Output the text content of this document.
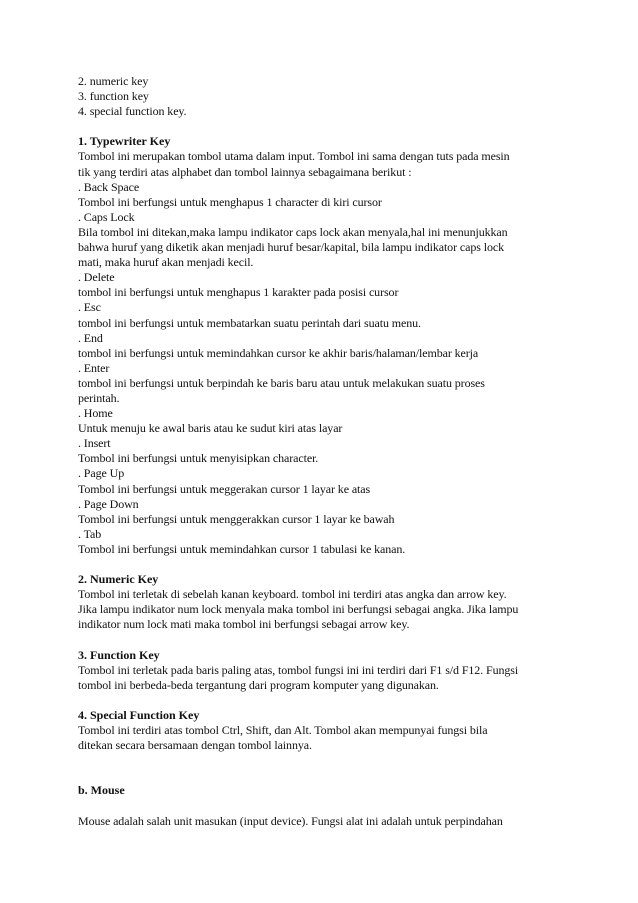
2. numeric key
3. function key
4. special function key.
1. Typewriter Key
Tombol ini merupakan tombol utama dalam input. Tombol ini sama dengan tuts pada mesin
tik yang terdiri atas alphabet dan tombol lainnya sebagaimana berikut :
. Back Space
Tombol ini berfungsi untuk menghapus 1 character di kiri cursor
. Caps Lock
Bila tombol ini ditekan,maka lampu indikator caps lock akan menyala,hal ini menunjukkan
bahwa huruf yang diketik akan menjadi huruf besar/kapital, bila lampu indikator caps lock
mati, maka huruf akan menjadi kecil.
. Delete
tombol ini berfungsi untuk menghapus 1 karakter pada posisi cursor
. Esc
tombol ini berfungsi untuk membatarkan suatu perintah dari suatu menu.
. End
tombol ini berfungsi untuk memindahkan cursor ke akhir baris/halaman/lembar kerja
. Enter
tombol ini berfungsi untuk berpindah ke baris baru atau untuk melakukan suatu proses
perintah.
. Home
Untuk menuju ke awal baris atau ke sudut kiri atas layar
. Insert
Tombol ini berfungsi untuk menyisipkan character.
. Page Up
Tombol ini berfungsi untuk meggerakan cursor 1 layar ke atas
. Page Down
Tombol ini berfungsi untuk menggerakkan cursor 1 layar ke bawah
. Tab
Tombol ini berfungsi untuk memindahkan cursor 1 tabulasi ke kanan.
2. Numeric Key
Tombol ini terletak di sebelah kanan keyboard. tombol ini terdiri atas angka dan arrow key.
Jika lampu indikator num lock menyala maka tombol ini berfungsi sebagai angka. Jika lampu
indikator num lock mati maka tombol ini berfungsi sebagai arrow key.
3. Function Key
Tombol ini terletak pada baris paling atas, tombol fungsi ini ini terdiri dari F1 s/d F12. Fungsi
tombol ini berbeda-beda tergantung dari program komputer yang digunakan.
4. Special Function Key
Tombol ini terdiri atas tombol Ctrl, Shift, dan Alt. Tombol akan mempunyai fungsi bila
ditekan secara bersamaan dengan tombol lainnya.
b. Mouse
Mouse adalah salah unit masukan (input device). Fungsi alat ini adalah untuk perpindahan
